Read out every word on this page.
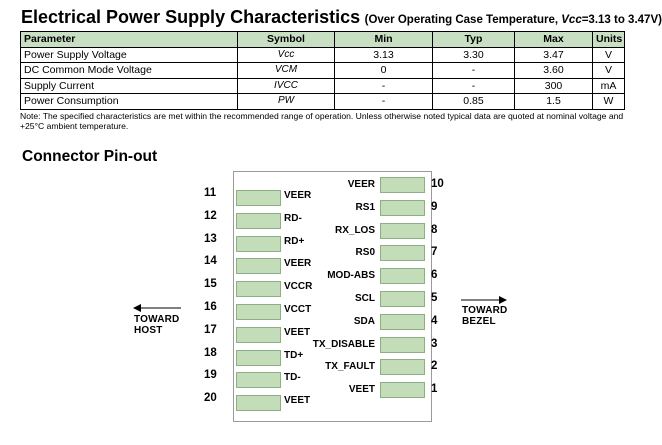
Electrical Power Supply Characteristics (Over Operating Case Temperature, Vcc=3.13 to 3.47V)
Parameter	Symbol	Min	Typ	Max	Units
Power Supply Voltage	Vcc	3.13	3.30	3.47	V
DC Common Mode Voltage	VCM	0	-	3.60	V
Supply Current	IVCC	-	-	300	mA
Power Consumption	PW	-	0.85	1.5	W
Note: The specified characteristics are met within the recommended range of operation. Unless otherwise noted typical data are quoted at nominal voltage and +25°C ambient temperature.
Connector Pin-out
11	VEER
12	RD-
13	RD+
14	VEER
15	VCCR
16	VCCT
17	VEET
18	TD+
19	TD-
20	VEET
10
VEER
9
RS1
8
RX_LOS
7
RS0
6
MOD-ABS
5
SCL
4
SDA
3
TX_DISABLE
2
TX_FAULT
1
VEET
TOWARD
HOST
TOWARD
BEZEL
